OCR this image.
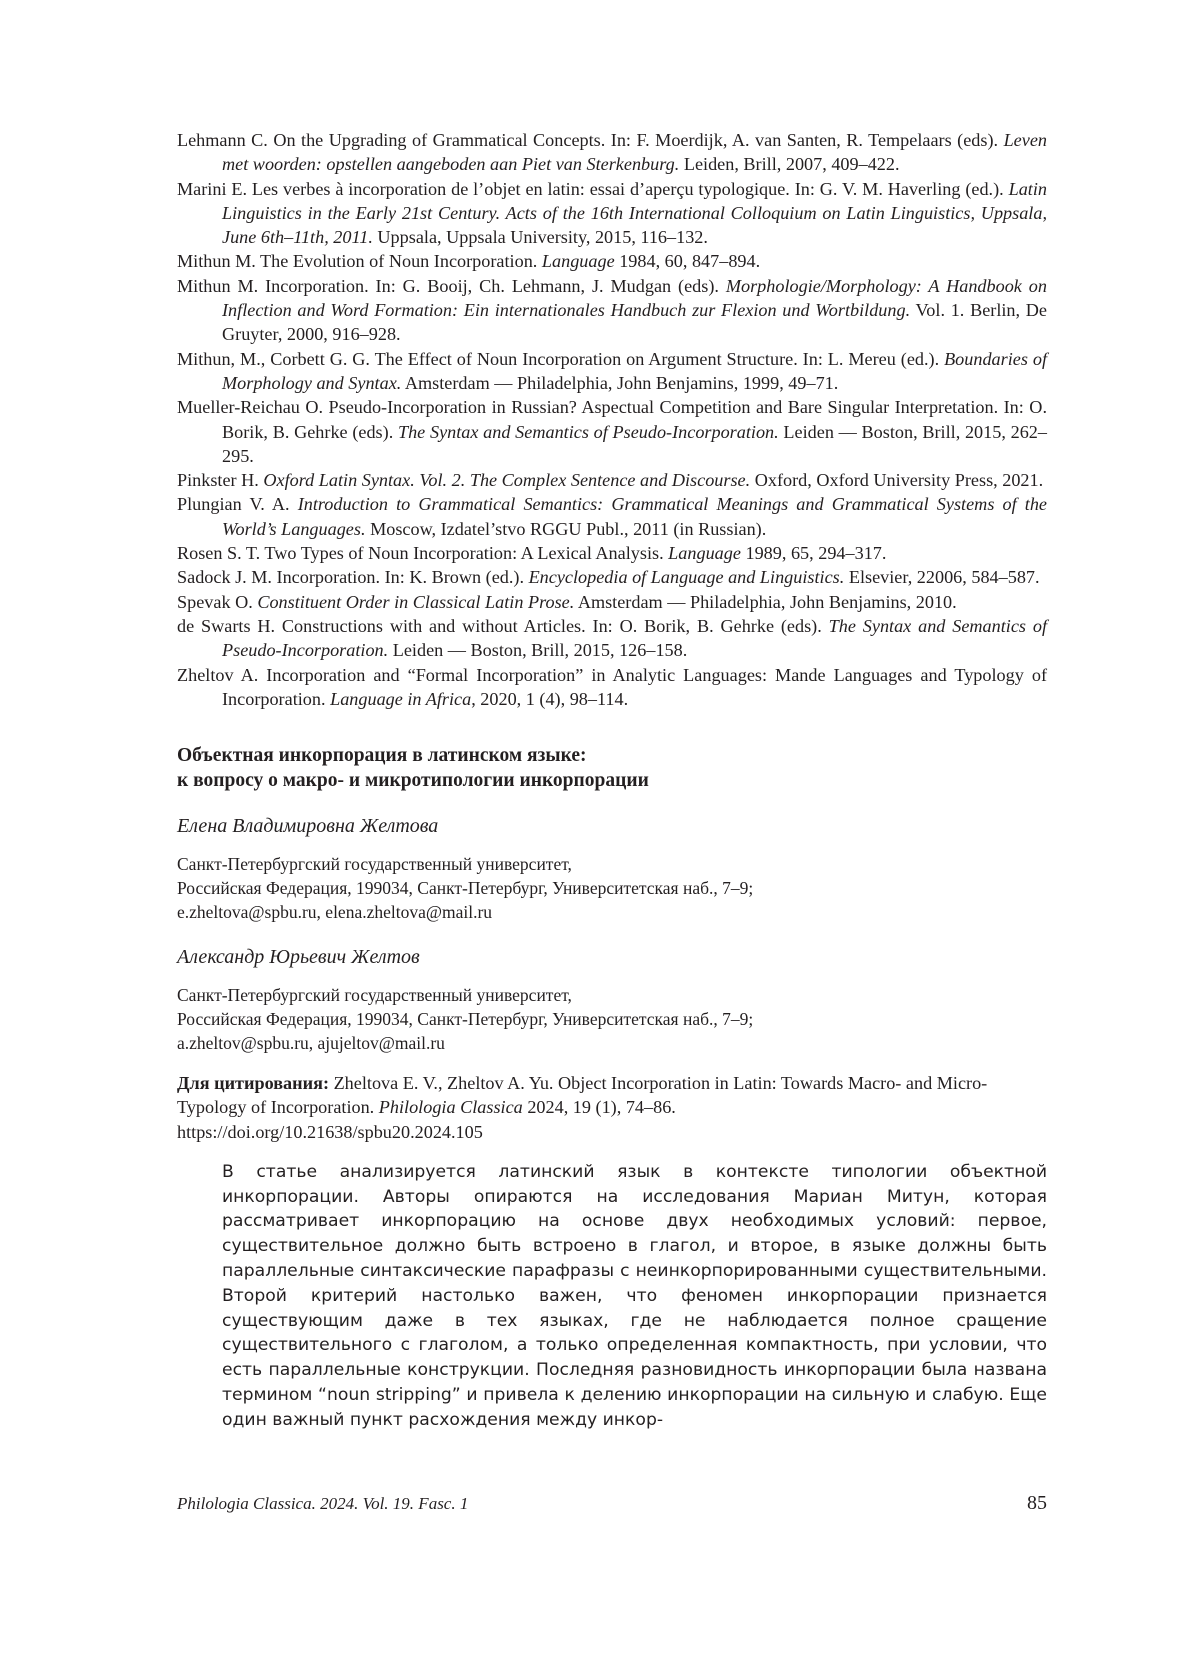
Lehmann C. On the Upgrading of Grammatical Concepts. In: F. Moerdijk, A. van Santen, R. Tempelaars (eds). Leven met woorden: opstellen aangeboden aan Piet van Sterkenburg. Leiden, Brill, 2007, 409–422.

Marini E. Les verbes à incorporation de l’objet en latin: essai d’aperçu typologique. In: G. V. M. Haverling (ed.). Latin Linguistics in the Early 21st Century. Acts of the 16th International Colloquium on Latin Linguistics, Uppsala, June 6th–11th, 2011. Uppsala, Uppsala University, 2015, 116–132.

Mithun M. The Evolution of Noun Incorporation. Language 1984, 60, 847–894.

Mithun M. Incorporation. In: G. Booij, Ch. Lehmann, J. Mudgan (eds). Morphologie/Morphology: A Handbook on Inflection and Word Formation: Ein internationales Handbuch zur Flexion und Wortbildung. Vol. 1. Berlin, De Gruyter, 2000, 916–928.

Mithun, M., Corbett G. G. The Effect of Noun Incorporation on Argument Structure. In: L. Mereu (ed.). Boundaries of Morphology and Syntax. Amsterdam — Philadelphia, John Benjamins, 1999, 49–71.

Mueller-Reichau O. Pseudo-Incorporation in Russian? Aspectual Competition and Bare Singular Interpretation. In: O. Borik, B. Gehrke (eds). The Syntax and Semantics of Pseudo-Incorporation. Leiden — Boston, Brill, 2015, 262–295.

Pinkster H. Oxford Latin Syntax. Vol. 2. The Complex Sentence and Discourse. Oxford, Oxford University Press, 2021.

Plungian V. A. Introduction to Grammatical Semantics: Grammatical Meanings and Grammatical Systems of the World’s Languages. Moscow, Izdatel’stvo RGGU Publ., 2011 (in Russian).

Rosen S. T. Two Types of Noun Incorporation: A Lexical Analysis. Language 1989, 65, 294–317.

Sadock J. M. Incorporation. In: K. Brown (ed.). Encyclopedia of Language and Linguistics. Elsevier, 22006, 584–587.

Spevak O. Constituent Order in Classical Latin Prose. Amsterdam — Philadelphia, John Benjamins, 2010.

de Swarts H. Constructions with and without Articles. In: O. Borik, B. Gehrke (eds). The Syntax and Semantics of Pseudo-Incorporation. Leiden — Boston, Brill, 2015, 126–158.

Zheltov A. Incorporation and “Formal Incorporation” in Analytic Languages: Mande Languages and Typology of Incorporation. Language in Africa, 2020, 1 (4), 98–114.

Объектная инкорпорация в латинском языке:
к вопросу о макро- и микротипологии инкорпорации
Елена Владимировна Желтова
Санкт-Петербургский государственный университет,
Российская Федерация, 199034, Санкт-Петербург, Университетская наб., 7–9;
e.zheltova@spbu.ru, elena.zheltova@mail.ru
Александр Юрьевич Желтов
Санкт-Петербургский государственный университет,
Российская Федерация, 199034, Санкт-Петербург, Университетская наб., 7–9;
a.zheltov@spbu.ru, ajujeltov@mail.ru
Для цитирования: Zheltova E. V., Zheltov A. Yu. Object Incorporation in Latin: Towards Macro- and Micro-Typology of Incorporation. Philologia Classica 2024, 19 (1), 74–86.
https://doi.org/10.21638/spbu20.2024.105
В статье анализируется латинский язык в контексте типологии объектной инкорпорации. Авторы опираются на исследования Мариан Митун, которая рассматривает инкорпорацию на основе двух необходимых условий: первое, существительное должно быть встроено в глагол, и второе, в языке должны быть параллельные синтаксические парафразы с неинкорпорированными существительными. Второй критерий настолько важен, что феномен инкорпорации признается существующим даже в тех языках, где не наблюдается полное сращение существительного с глаголом, а только определенная компактность, при условии, что есть параллельные конструкции. Последняя разновидность инкорпорации была названа термином “noun stripping” и привела к делению инкорпорации на сильную и слабую. Еще один важный пункт расхождения между инкор-
Philologia Classica. 2024. Vol. 19. Fasc. 1	85
